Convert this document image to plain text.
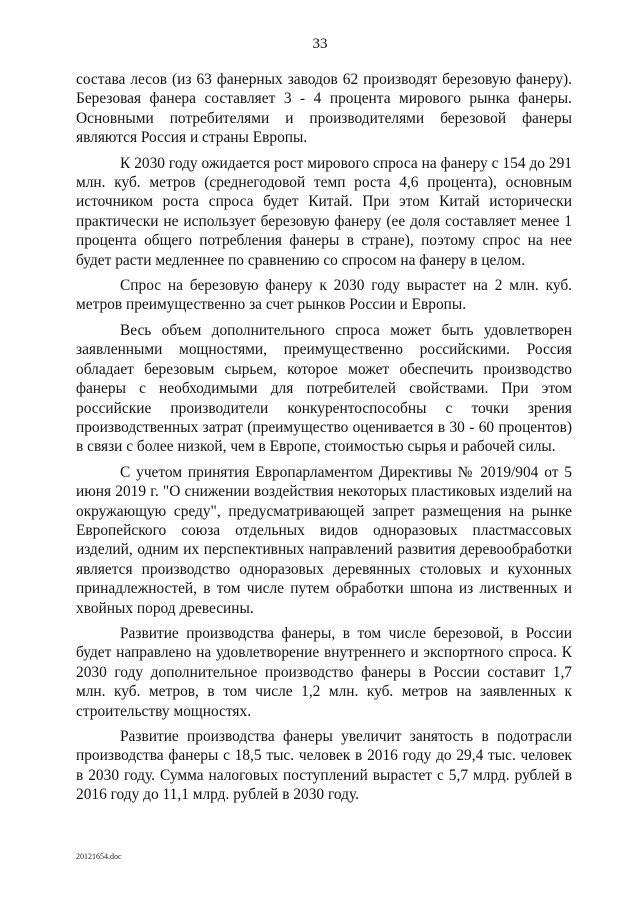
33

состава лесов (из 63 фанерных заводов 62 производят березовую фанеру). Березовая фанера составляет 3 - 4 процента мирового рынка фанеры. Основными потребителями и производителями березовой фанеры являются Россия и страны Европы.

К 2030 году ожидается рост мирового спроса на фанеру с 154 до 291 млн. куб. метров (среднегодовой темп роста 4,6 процента), основным источником роста спроса будет Китай. При этом Китай исторически практически не использует березовую фанеру (ее доля составляет менее 1 процента общего потребления фанеры в стране), поэтому спрос на нее будет расти медленнее по сравнению со спросом на фанеру в целом.

Спрос на березовую фанеру к 2030 году вырастет на 2 млн. куб. метров преимущественно за счет рынков России и Европы.

Весь объем дополнительного спроса может быть удовлетворен заявленными мощностями, преимущественно российскими. Россия обладает березовым сырьем, которое может обеспечить производство фанеры с необходимыми для потребителей свойствами. При этом российские производители конкурентоспособны с точки зрения производственных затрат (преимущество оценивается в 30 - 60 процентов) в связи с более низкой, чем в Европе, стоимостью сырья и рабочей силы.

С учетом принятия Европарламентом Директивы № 2019/904 от 5 июня 2019 г. "О снижении воздействия некоторых пластиковых изделий на окружающую среду", предусматривающей запрет размещения на рынке Европейского союза отдельных видов одноразовых пластмассовых изделий, одним их перспективных направлений развития деревообработки является производство одноразовых деревянных столовых и кухонных принадлежностей, в том числе путем обработки шпона из лиственных и хвойных пород древесины.

Развитие производства фанеры, в том числе березовой, в России будет направлено на удовлетворение внутреннего и экспортного спроса. К 2030 году дополнительное производство фанеры в России составит 1,7 млн. куб. метров, в том числе 1,2 млн. куб. метров на заявленных к строительству мощностях.

Развитие производства фанеры увеличит занятость в подотрасли производства фанеры с 18,5 тыс. человек в 2016 году до 29,4 тыс. человек в 2030 году. Сумма налоговых поступлений вырастет с 5,7 млрд. рублей в 2016 году до 11,1 млрд. рублей в 2030 году.

20121654.doc
